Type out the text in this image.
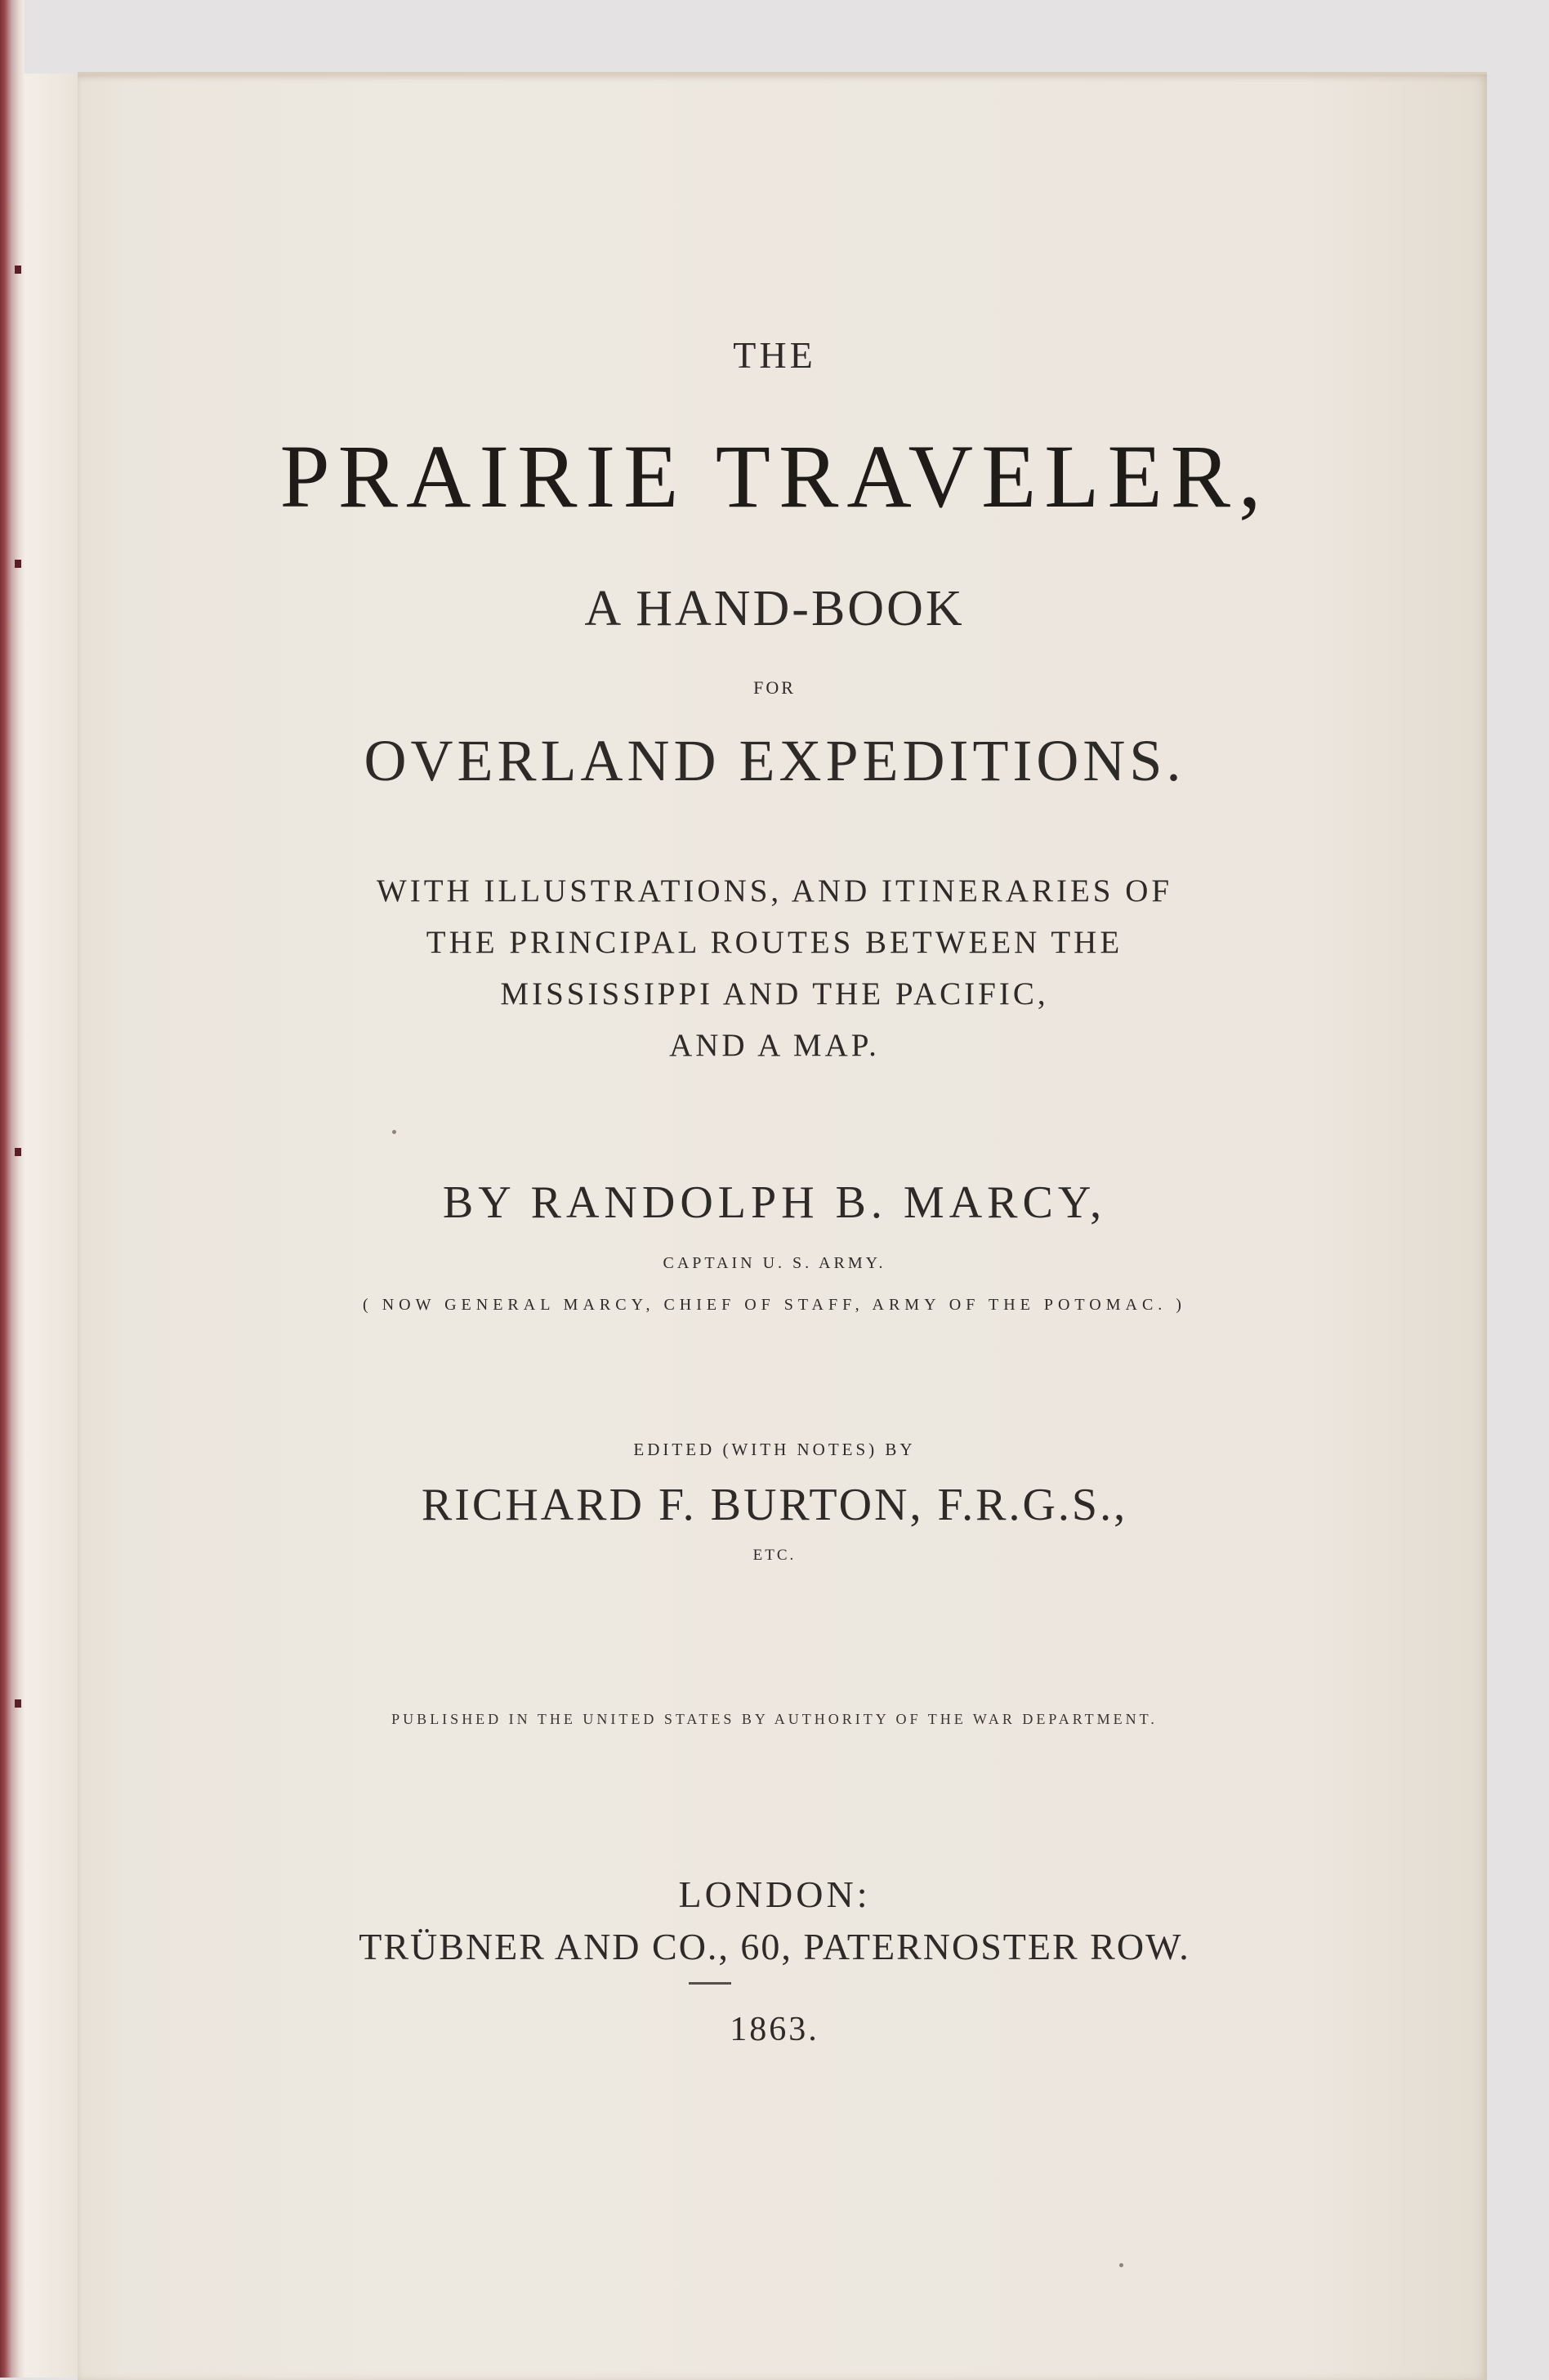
THE

PRAIRIE TRAVELER,

A HAND-BOOK

FOR

OVERLAND EXPEDITIONS.

WITH ILLUSTRATIONS, AND ITINERARIES OF

THE PRINCIPAL ROUTES BETWEEN THE

MISSISSIPPI AND THE PACIFIC,

AND A MAP.

BY RANDOLPH B. MARCY,

CAPTAIN U. S. ARMY.

( NOW GENERAL MARCY, CHIEF OF STAFF, ARMY OF THE POTOMAC. )

EDITED (WITH NOTES) BY

RICHARD F. BURTON, F.R.G.S.,

ETC.

PUBLISHED IN THE UNITED STATES BY AUTHORITY OF THE WAR DEPARTMENT.

LONDON:

TRÜBNER AND CO., 60, PATERNOSTER ROW.

1863.
